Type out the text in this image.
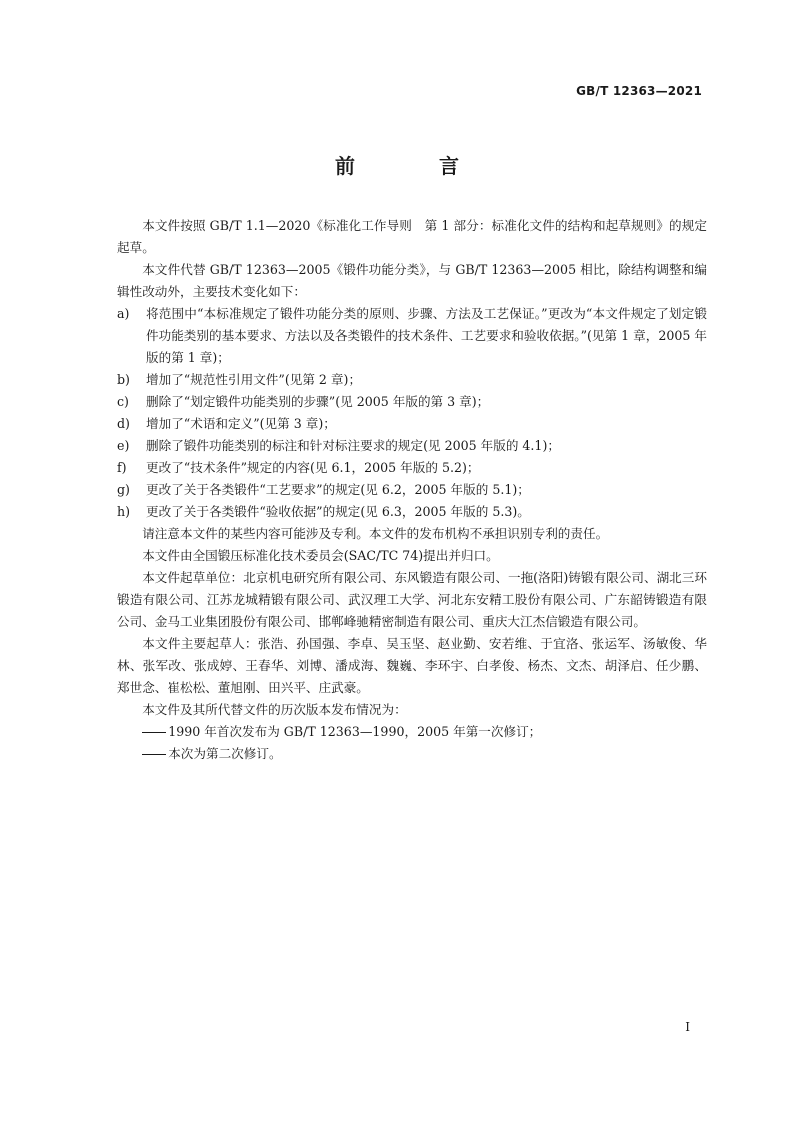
GB/T 12363—2021
前　言

本文件按照 GB/T 1.1—2020《标准化工作导则　第 1 部分：标准化文件的结构和起草规则》的规定起草。

本文件代替 GB/T 12363—2005《锻件功能分类》，与 GB/T 12363—2005 相比，除结构调整和编辑性改动外，主要技术变化如下：

a)	将范围中“本标准规定了锻件功能分类的原则、步骤、方法及工艺保证。”更改为“本文件规定了划定锻件功能类别的基本要求、方法以及各类锻件的技术条件、工艺要求和验收依据。”(见第 1 章，2005 年版的第 1 章)；
b)	增加了“规范性引用文件”(见第 2 章)；
c)	删除了“划定锻件功能类别的步骤”(见 2005 年版的第 3 章)；
d)	增加了“术语和定义”(见第 3 章)；
e)	删除了锻件功能类别的标注和针对标注要求的规定(见 2005 年版的 4.1)；
f)	更改了“技术条件”规定的内容(见 6.1，2005 年版的 5.2)；
g)	更改了关于各类锻件“工艺要求”的规定(见 6.2，2005 年版的 5.1)；
h)	更改了关于各类锻件“验收依据”的规定(见 6.3，2005 年版的 5.3)。

请注意本文件的某些内容可能涉及专利。本文件的发布机构不承担识别专利的责任。

本文件由全国锻压标准化技术委员会(SAC/TC 74)提出并归口。

本文件起草单位：北京机电研究所有限公司、东风锻造有限公司、一拖(洛阳)铸锻有限公司、湖北三环锻造有限公司、江苏龙城精锻有限公司、武汉理工大学、河北东安精工股份有限公司、广东韶铸锻造有限公司、金马工业集团股份有限公司、邯郸峰驰精密制造有限公司、重庆大江杰信锻造有限公司。

本文件主要起草人：张浩、孙国强、李卓、吴玉坚、赵业勤、安若维、于宜洛、张运军、汤敏俊、华林、张军改、张成婷、王春华、刘博、潘成海、魏巍、李环宇、白孝俊、杨杰、文杰、胡泽启、任少鹏、郑世念、崔松松、董旭刚、田兴平、庄武豪。

本文件及其所代替文件的历次版本发布情况为：

1990 年首次发布为 GB/T 12363—1990，2005 年第一次修订；

本次为第二次修订。

I
